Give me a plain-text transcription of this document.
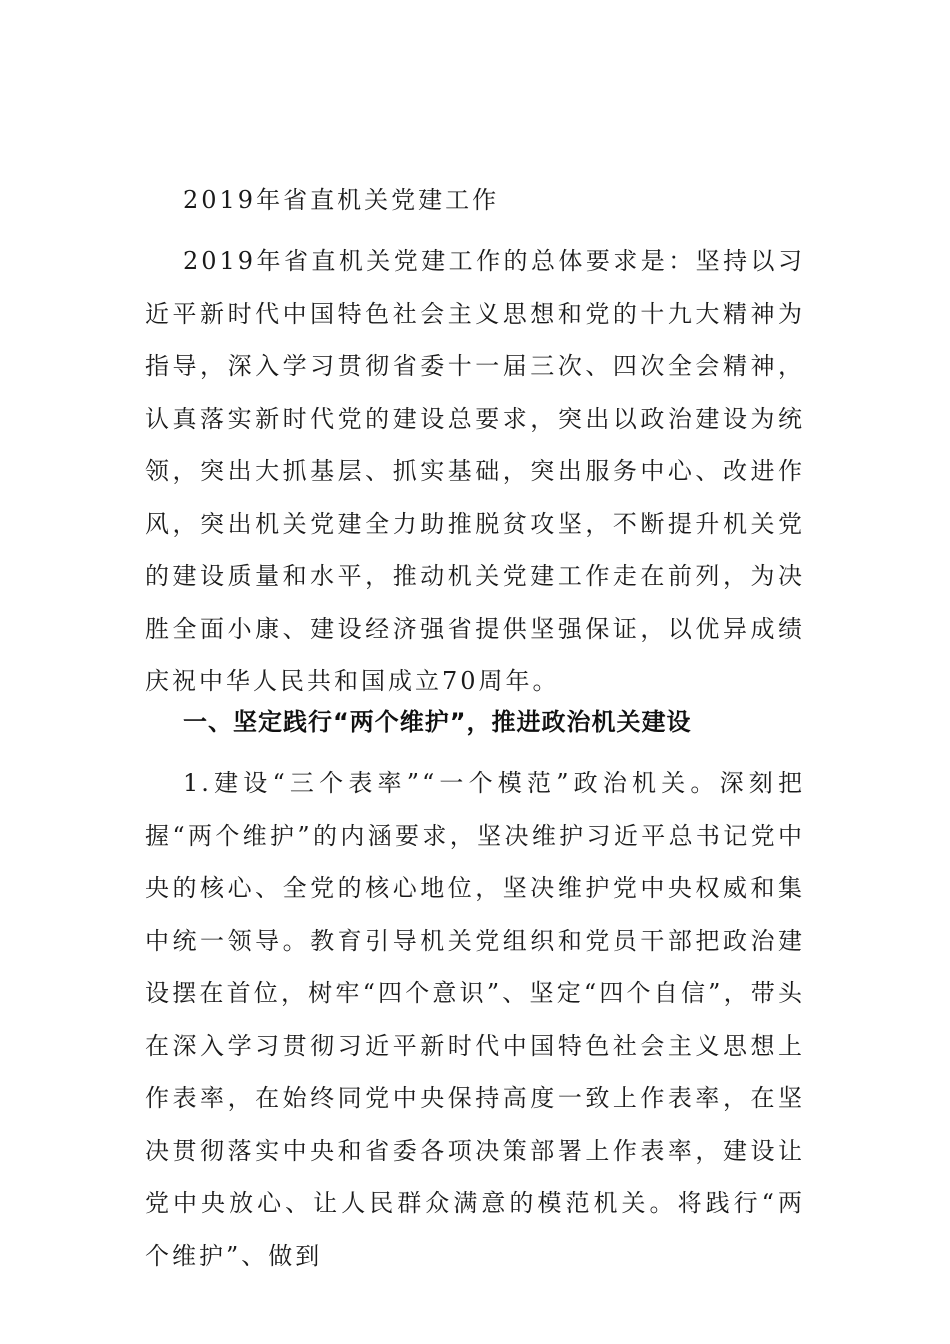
2019年省直机关党建工作
2019年省直机关党建工作的总体要求是：坚持以习近平新时代中国特色社会主义思想和党的十九大精神为指导，深入学习贯彻省委十一届三次、四次全会精神，认真落实新时代党的建设总要求，突出以政治建设为统领，突出大抓基层、抓实基础，突出服务中心、改进作风，突出机关党建全力助推脱贫攻坚，不断提升机关党的建设质量和水平，推动机关党建工作走在前列，为决胜全面小康、建设经济强省提供坚强保证，以优异成绩庆祝中华人民共和国成立70周年。
一、坚定践行“两个维护”，推进政治机关建设
1.建设“三个表率”“一个模范”政治机关。深刻把握“两个维护”的内涵要求，坚决维护习近平总书记党中央的核心、全党的核心地位，坚决维护党中央权威和集中统一领导。教育引导机关党组织和党员干部把政治建设摆在首位，树牢“四个意识”、坚定“四个自信”，带头在深入学习贯彻习近平新时代中国特色社会主义思想上作表率，在始终同党中央保持高度一致上作表率，在坚决贯彻落实中央和省委各项决策部署上作表率，建设让党中央放心、让人民群众满意的模范机关。将践行“两个维护”、做到
